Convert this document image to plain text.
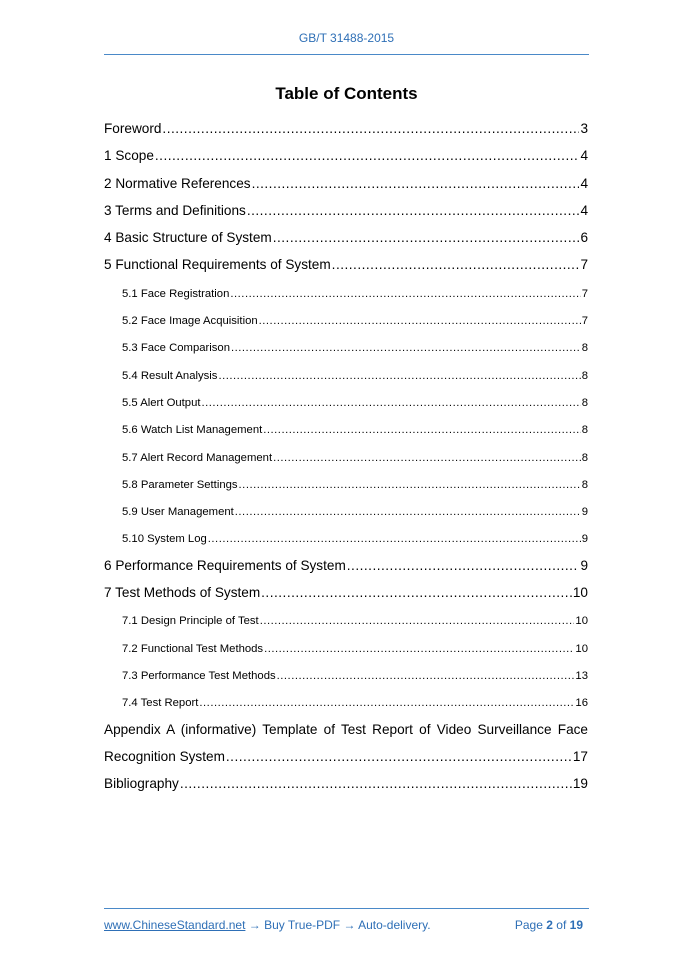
GB/T 31488-2015
Table of Contents
Foreword .....	3
1 Scope .....	4
2 Normative References .....	4
3 Terms and Definitions .....	4
4 Basic Structure of System .....	6
5 Functional Requirements of System .....	7
5.1 Face Registration .....	7
5.2 Face Image Acquisition .....	7
5.3 Face Comparison .....	8
5.4 Result Analysis .....	8
5.5 Alert Output .....	8
5.6 Watch List Management .....	8
5.7 Alert Record Management .....	8
5.8 Parameter Settings .....	8
5.9 User Management .....	9
5.10 System Log .....	9
6 Performance Requirements of System .....	9
7 Test Methods of System .....	10
7.1 Design Principle of Test .....	10
7.2 Functional Test Methods .....	10
7.3 Performance Test Methods .....	13
7.4 Test Report .....	16
Appendix A (informative) Template of Test Report of Video Surveillance Face
Recognition System .....	17
Bibliography .....	19
www.ChineseStandard.net → Buy True-PDF → Auto-delivery.	Page 2 of 19
